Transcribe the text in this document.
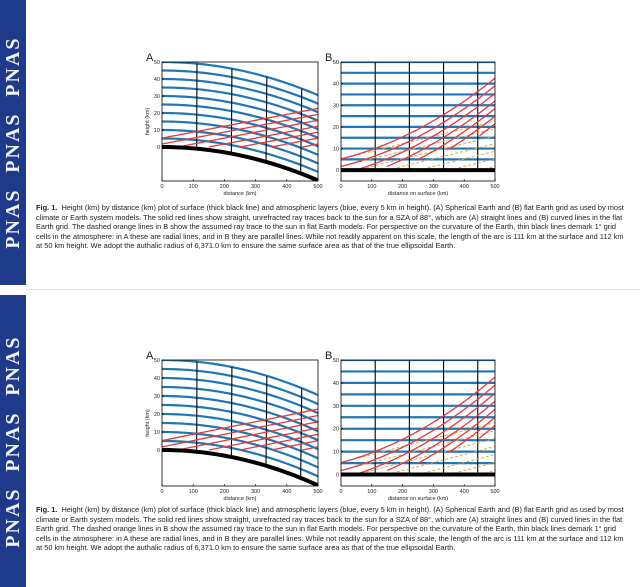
PNASPNASPNAS
PNASPNASPNAS
0	100	200	300	400	500
0
10
20
30
40
50
distance (km)
height (km)
A
0	100	200	300	400	500
0
10
20
30
40
50
distance on surface (km)
B

Fig. 1. Height (km) by distance (km) plot of surface (thick black line) and atmospheric layers (blue, every 5 km in height). (A) Spherical Earth and (B) flat Earth grid as used by most climate or Earth system models. The solid red lines show straight, unrefracted ray traces back to the sun for a SZA of 88°, which are (A) straight lines and (B) curved lines in the flat Earth grid. The dashed orange lines in B show the assumed ray trace to the sun in flat Earth models. For perspective on the curvature of the Earth, thin black lines demark 1° grid cells in the atmosphere: in A these are radial lines, and in B they are parallel lines. While not readily apparent on this scale, the length of the arc is 111 km at the surface and 112 km at 50 km height. We adopt the authalic radius of 6,371.0 km to ensure the same surface area as that of the true ellipsoidal Earth.

0	100	200	300	400	500
0
10
20
30
40
50
distance (km)
height (km)
A
0	100	200	300	400	500
0
10
20
30
40
50
distance on surface (km)
B

Fig. 1. Height (km) by distance (km) plot of surface (thick black line) and atmospheric layers (blue, every 5 km in height). (A) Spherical Earth and (B) flat Earth grid as used by most climate or Earth system models. The solid red lines show straight, unrefracted ray traces back to the sun for a SZA of 88°, which are (A) straight lines and (B) curved lines in the flat Earth grid. The dashed orange lines in B show the assumed ray trace to the sun in flat Earth models. For perspective on the curvature of the Earth, thin black lines demark 1° grid cells in the atmosphere: in A these are radial lines, and in B they are parallel lines. While not readily apparent on this scale, the length of the arc is 111 km at the surface and 112 km at 50 km height. We adopt the authalic radius of 6,371.0 km to ensure the same surface area as that of the true ellipsoidal Earth.
